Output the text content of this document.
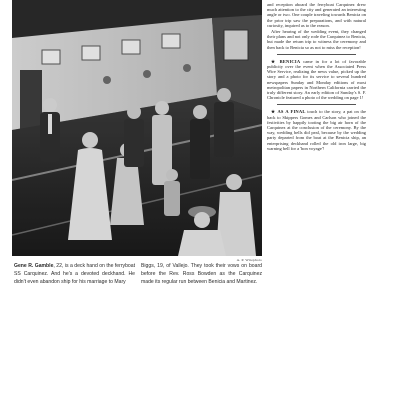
A. P. Wirephoto
Gene R. Gamble, 22, is a deck hand on the ferryboat SS Carquinez. And he's a devoted deckhand. He didn't even abandon ship for his marriage to Mary
Biggs, 19, of Vallejo. They took their vows on board before the Rev. Ross Bowden as the Carquinez made its regular run between Benicia and Martinez.

and reception aboard the ferryboat Carquinez drew much attention to the city and generated an interesting angle or two. One couple traveling towards Benicia on the prior trip saw the preparations, and with natural curiosity, inquired as to the reason.

After hearing of the wedding event, they changed their plans and not only rode the Carquinez to Benicia, but made the return trip to witness the ceremony and then back to Benicia so as not to miss the reception!

★ BENICIA came in for a lot of favorable publicity over the event when the Associated Press Wire Service, realizing the news value, picked up the story and a photo for its service to several hundred newspapers Sunday and Monday editions of most metropolitan papers in Northern California carried the truly different story. An early edition of Sunday's S. F. Chronicle featured a photo of the wedding on page 1!

★ AS A FINAL touch to the story, a pat on the back to Skippers Gomes and Carlson who joined the festivities by happily tooting the big air horn of the Carquinez at the conclusion of the ceremony. By the way, wedding bells did peal, because by the wedding party departed from the boat at the Benicia ship, an enterprising deckhand rolled the old iron large, big warning bell for a 'bon voyage'!
